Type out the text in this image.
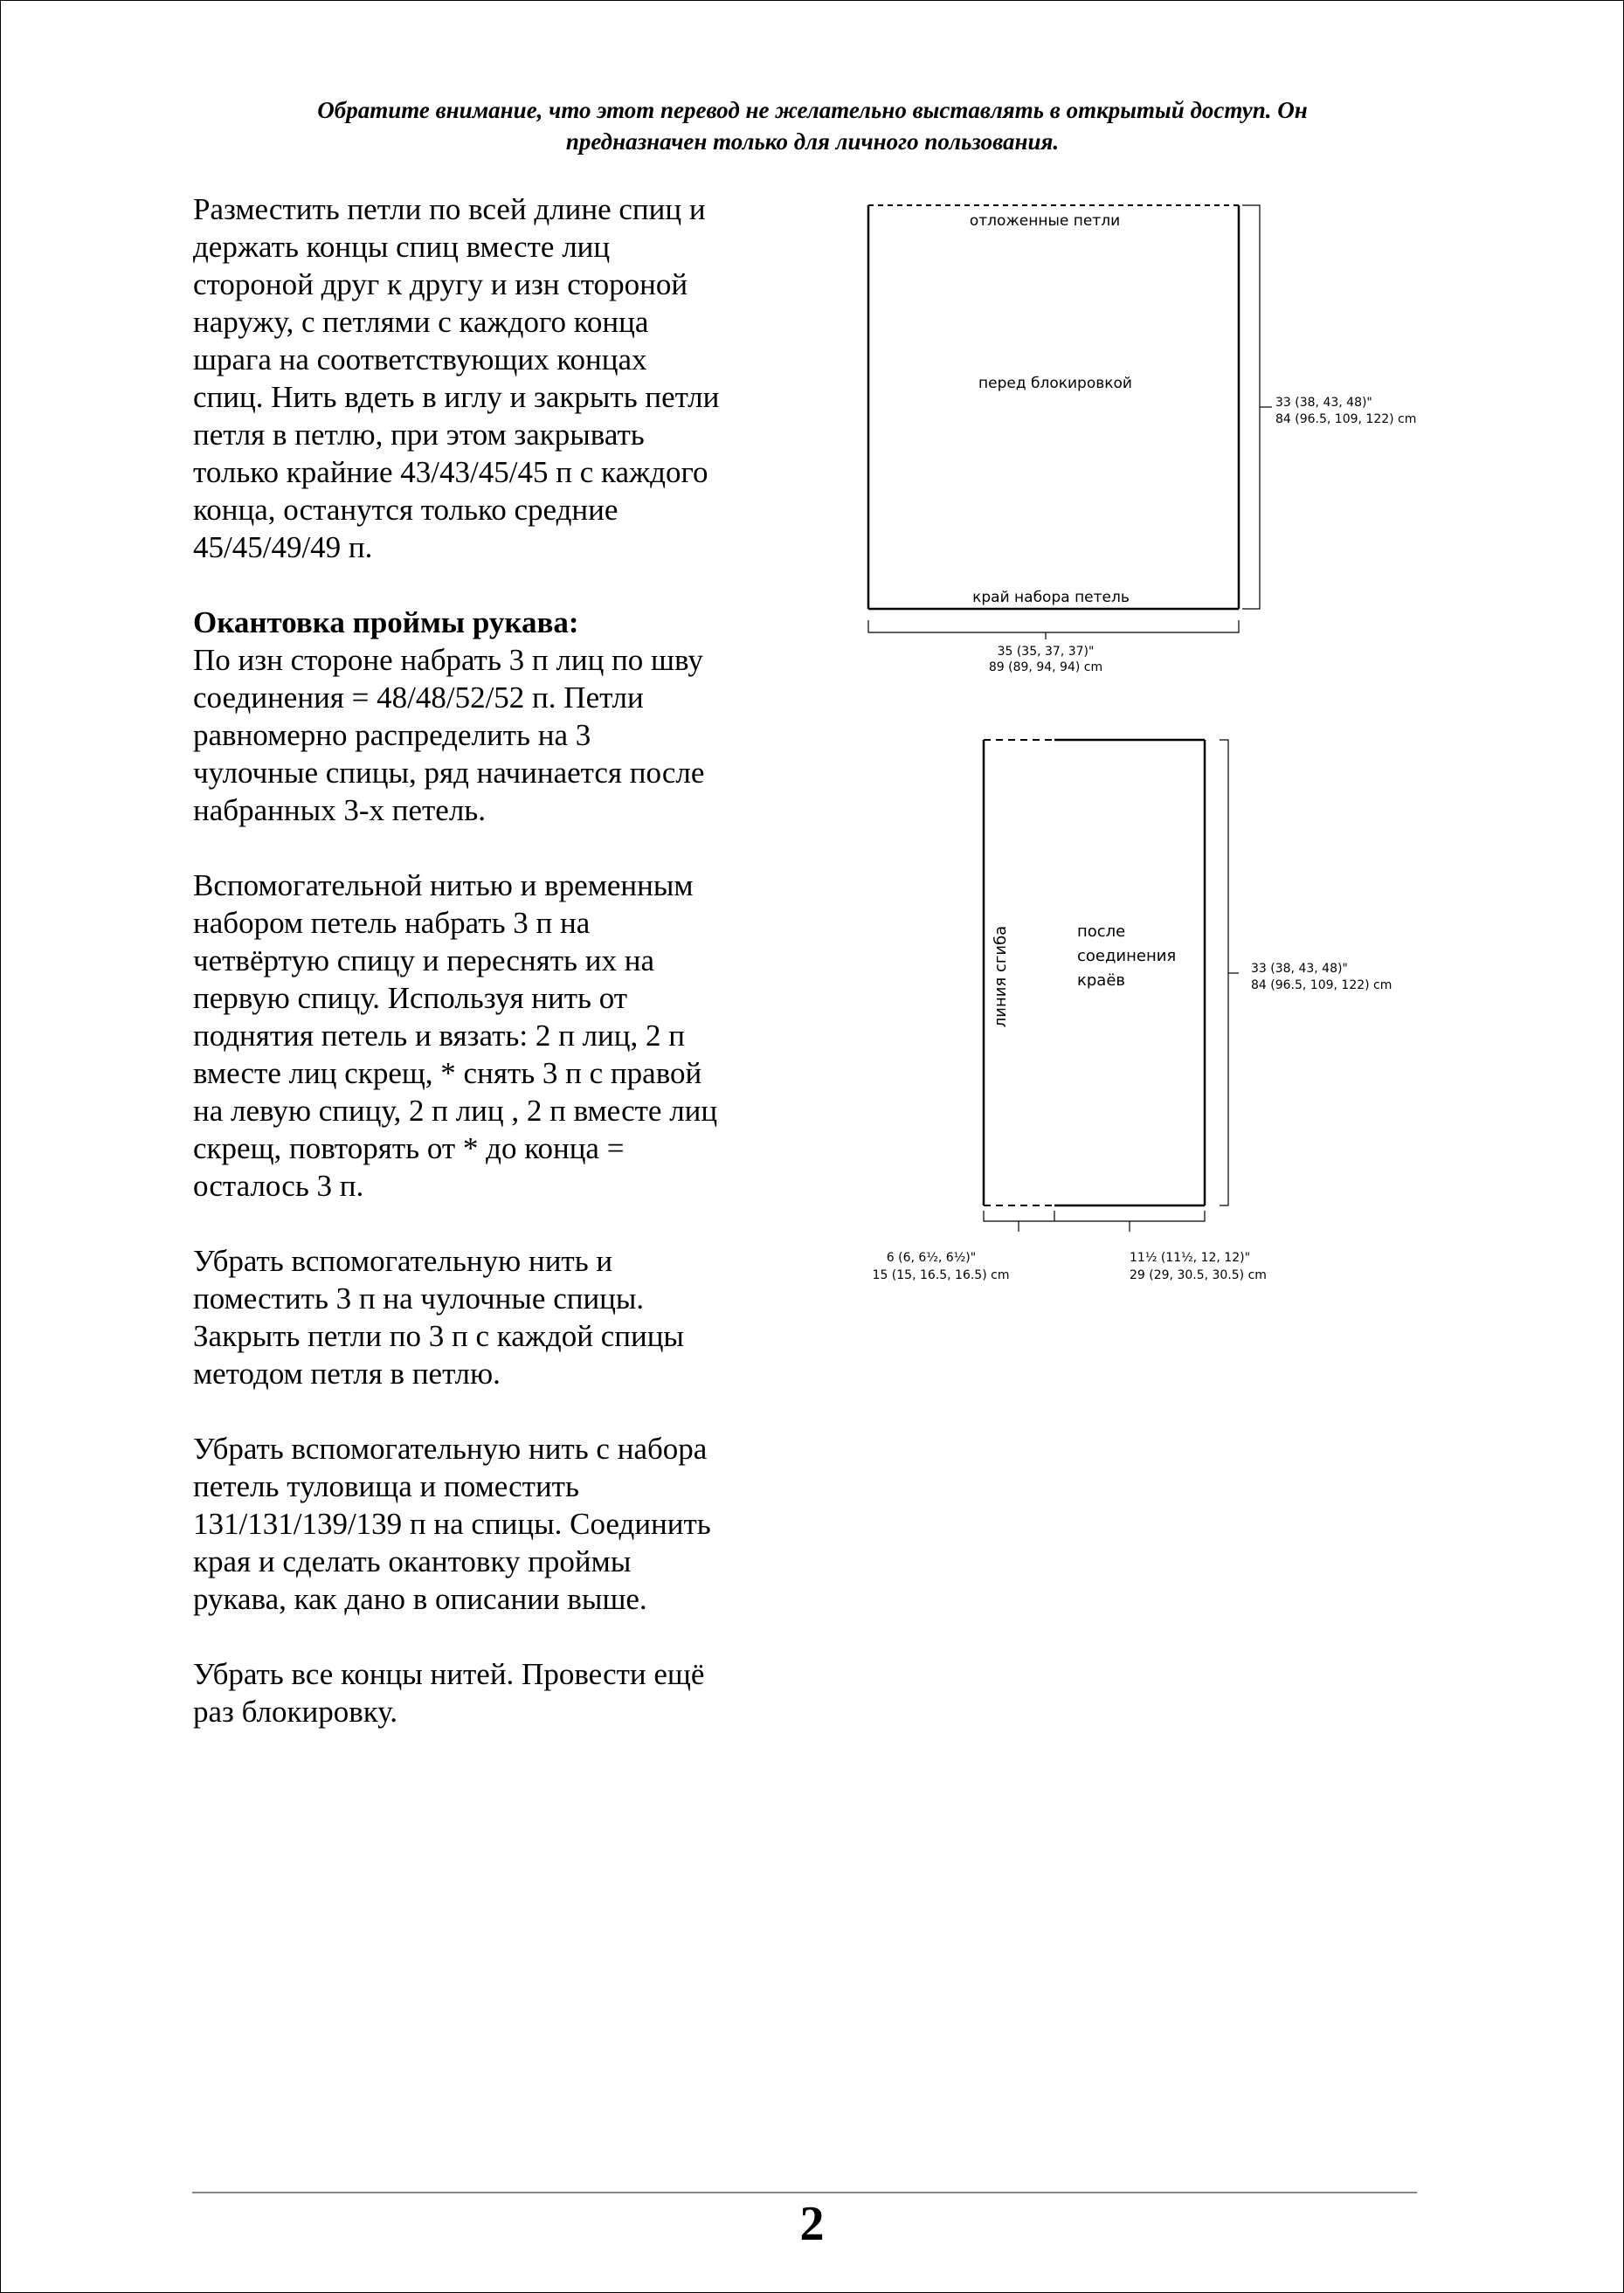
Обратите внимание, что этот перевод не желательно выставлять в открытый доступ. Он
предназначен только для личного пользования.

Разместить петли по всей длине спиц и
держать концы спиц вместе лиц
стороной друг к другу и изн стороной
наружу, с петлями с каждого конца
шрага на соответствующих концах
спиц. Нить вдеть в иглу и закрыть петли
петля в петлю, при этом закрывать
только крайние 43/43/45/45 п с каждого
конца, останутся только средние
45/45/49/49 п.

Окантовка проймы рукава:
По изн стороне набрать 3 п лиц по шву
соединения = 48/48/52/52 п. Петли
равномерно распределить на 3
чулочные спицы, ряд начинается после
набранных 3-х петель.

Вспомогательной нитью и временным
набором петель набрать 3 п на
четвёртую спицу и переснять их на
первую спицу. Используя нить от
поднятия петель и вязать: 2 п лиц, 2 п
вместе лиц скрещ, * снять 3 п с правой
на левую спицу, 2 п лиц , 2 п вместе лиц
скрещ, повторять от * до конца =
осталось 3 п.

Убрать вспомогательную нить и
поместить 3 п на чулочные спицы.
Закрыть петли по 3 п с каждой спицы
методом петля в петлю.

Убрать вспомогательную нить с набора
петель туловища и поместить
131/131/139/139 п на спицы. Соединить
края и сделать окантовку проймы
рукава, как дано в описании выше.

Убрать все концы нитей. Провести ещё
раз блокировку.

отложенные петли
перед блокировкой
край набора петель
33 (38, 43, 48)"
84 (96.5, 109, 122) cm
35 (35, 37, 37)"
89 (89, 94, 94) cm
линия сгиба	после
соединения
краёв
33 (38, 43, 48)"
84 (96.5, 109, 122) cm
6 (6, 6½, 6½)"
15 (15, 16.5, 16.5) cm
11½ (11½, 12, 12)"
29 (29, 30.5, 30.5) cm
2
